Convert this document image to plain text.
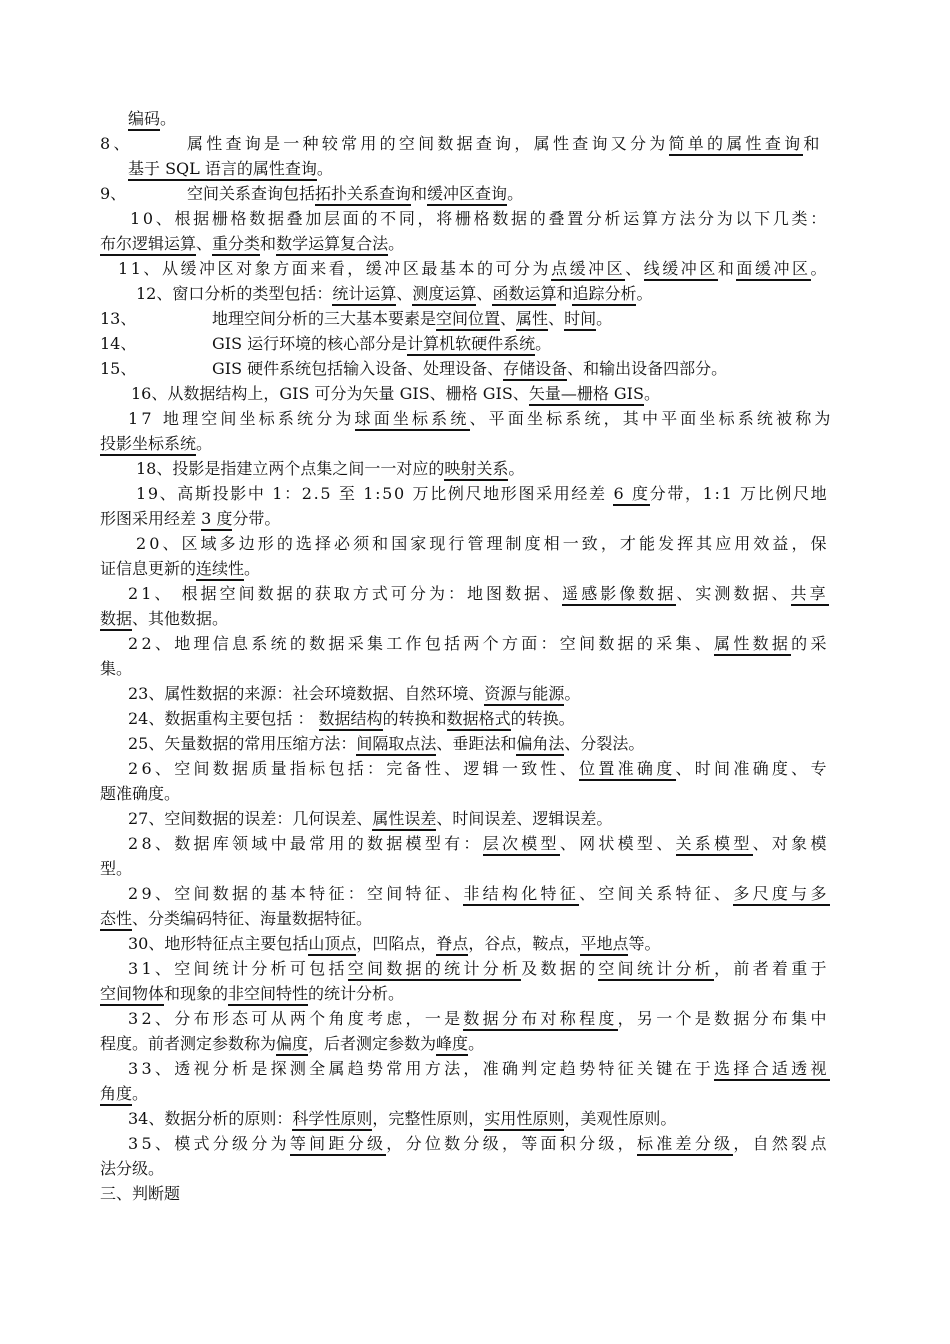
编码。
8、	属性查询是一种较常用的空间数据查询，属性查询又分为简单的属性查询和
基于 SQL 语言的属性查询。
9、	空间关系查询包括拓扑关系查询和缓冲区查询。
10、根据栅格数据叠加层面的不同，将栅格数据的叠置分析运算方法分为以下几类：
布尔逻辑运算、重分类和数学运算复合法。
11、从缓冲区对象方面来看，缓冲区最基本的可分为点缓冲区、线缓冲区和面缓冲区。
12、窗口分析的类型包括：统计运算、测度运算、函数运算和追踪分析。
13、	地理空间分析的三大基本要素是空间位置、属性、时间。
14、	GIS 运行环境的核心部分是计算机软硬件系统。
15、	GIS 硬件系统包括输入设备、处理设备、存储设备、和输出设备四部分。
16、从数据结构上，GIS 可分为矢量 GIS、栅格 GIS、矢量—栅格 GIS。
17 地理空间坐标系统分为球面坐标系统、平面坐标系统，其中平面坐标系统被称为
投影坐标系统。
18、投影是指建立两个点集之间一一对应的映射关系。
19、高斯投影中 1：2.5 至 1:50 万比例尺地形图采用经差 6 度分带，1:1 万比例尺地
形图采用经差 3 度分带。
20、区域多边形的选择必须和国家现行管理制度相一致，才能发挥其应用效益，保
证信息更新的连续性。
21、 根据空间数据的获取方式可分为：地图数据、遥感影像数据、实测数据、共享
数据、其他数据。
22、地理信息系统的数据采集工作包括两个方面：空间数据的采集、属性数据的采
集。
23、属性数据的来源：社会环境数据、自然环境、资源与能源。
24、数据重构主要包括 ： 数据结构的转换和数据格式的转换。
25、矢量数据的常用压缩方法：间隔取点法、垂距法和偏角法、分裂法。
26、空间数据质量指标包括：完备性、逻辑一致性、位置准确度、时间准确度、专
题准确度。
27、空间数据的误差：几何误差、属性误差、时间误差、逻辑误差。
28、数据库领域中最常用的数据模型有：层次模型、网状模型、关系模型、对象模
型。
29、空间数据的基本特征：空间特征、非结构化特征、空间关系特征、多尺度与多
态性、分类编码特征、海量数据特征。
30、地形特征点主要包括山顶点，凹陷点，脊点，谷点，鞍点，平地点等。
31、空间统计分析可包括空间数据的统计分析及数据的空间统计分析，前者着重于
空间物体和现象的非空间特性的统计分析。
32、分布形态可从两个角度考虑，一是数据分布对称程度，另一个是数据分布集中
程度。前者测定参数称为偏度，后者测定参数为峰度。
33、透视分析是探测全属趋势常用方法，准确判定趋势特征关键在于选择合适透视
角度。
34、数据分析的原则：科学性原则，完整性原则，实用性原则，美观性原则。
35、模式分级分为等间距分级，分位数分级，等面积分级，标准差分级，自然裂点
法分级。
三、判断题
